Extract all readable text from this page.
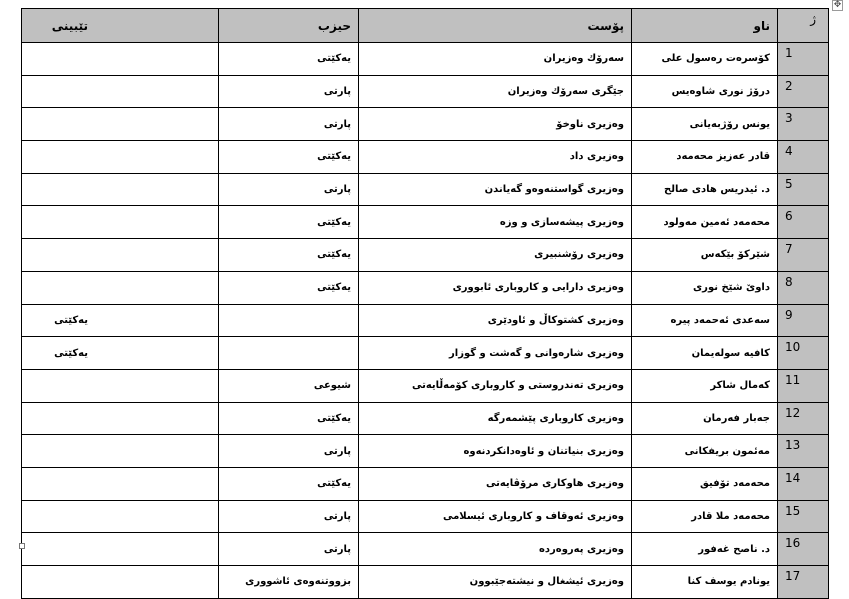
✥
تێبینی	حیزب	پۆست	ناو	ژ
	یەكێتی	سەرۆك وەزیران	كۆسرەت رەسول علی	1
	پارتی	جێگری سەرۆك وەزیران	درۆژ نوری شاوەیس	2
	پارتی	وەزیری ناوخۆ	یونس رۆژبەیانی	3
	یەكێتی	وەزیری داد	قادر عەزیز محەمەد	4
	پارتی	وەزیری گواستنەوەو گەیاندن	د. ئیدریس هادی صالح	5
	یەكێتی	وەزیری پیشەسازی و وزە	محەمەد ئەمین مەولود	6
	یەكێتی	وەزیری رۆشنبیری	شێرکۆ بێکەس	7
	یەكێتی	وەزیری دارایی و كاروباری ئابووری	داوێ شێخ نوری	8
یەكێتی		وەزیری كشتوكاڵ و ئاودێری	سەعدی ئەحمەد پیرە	9
یەكێتی		وەزیری شارەوانی و گەشت و گوزار	كافیە سولەیمان	10
	شیوعی	وەزیری تەندروستی و كاروباری كۆمەڵایەتی	كەمال شاكر	11
	یەكێتی	وەزیری كاروباری پێشمەرگە	جەبار فەرمان	12
	پارتی	وەزیری بنیاتنان و ئاوەدانكردنەوە	مەئمون بریفكانی	13
	یەكێتی	وەزیری هاوکاری مرۆڤایەتی	محەمەد تۆفیق	14
	پارتی	وەزیری ئەوقاف و كاروباری ئیسلامی	محەمەد ملا قادر	15
	پارتی	وەزیری پەروەردە	د. ناصح غەفور	16
	بزووتنەوەی ئاشووری	وەزیری ئیشغال و نیشتەجێبوون	یونادم یوسف کنا	17
